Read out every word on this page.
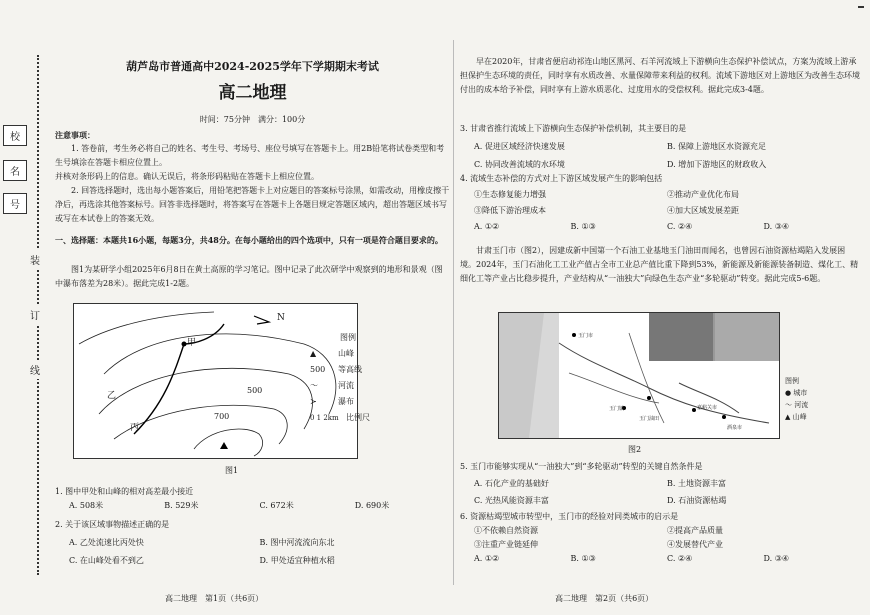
校
名
号
装
订
线
葫芦岛市普通高中2024-2025学年下学期期末考试
高二地理
时间：75分钟　满分：100分
注意事项：
1. 答卷前，考生务必将自己的姓名、考生号、考场号、座位号填写在答题卡上。用2B铅笔将试卷类型和考生号填涂在答题卡相应位置上。
并核对条形码上的信息。确认无误后，将条形码粘贴在答题卡上相应位置。
2. 回答选择题时，选出每小题答案后，用铅笔把答题卡上对应题目的答案标号涂黑，如需改动，用橡皮擦干净后，再选涂其他答案标号。回答非选择题时，将答案写在答题卡上各题目规定答题区域内，超出答题区域书写或写在本试卷上的答案无效。
一、选择题：本题共16小题，每题3分，共48分。在每小题给出的四个选项中，只有一项是符合题目要求的。
图1为某研学小组2025年6月8日在黄土高原的学习笔记。图中记录了此次研学中观察到的地形和景观（图中瀑布落差为28米）。据此完成1-2题。
N
甲
乙
丙
500
700
图例
▲	山峰
500 等高线
〜	河流
≻	瀑布
0 1 2km 比例尺
图1
1. 图中甲处和山峰的相对高差最小接近
A. 508米	B. 529米	C. 672米	D. 690米
2. 关于该区域事物描述正确的是
A. 乙处流速比丙处快	B. 图中河流流向东北
C. 在山峰处看不到乙	D. 甲处适宜种植水稻
高二地理　第1页（共6页）
早在2020年，甘肃省便启动祁连山地区黑河、石羊河流域上下游横向生态保护补偿试点，方案为流域上游承担保护生态环境的责任，同时享有水质改善、水量保障带来利益的权利。流域下游地区对上游地区为改善生态环境付出的成本给予补偿，同时享有上游水质恶化、过度用水的受偿权利。据此完成3-4题。
3. 甘肃省推行流域上下游横向生态保护补偿机制，其主要目的是
A. 促进区域经济快速发展	B. 保障上游地区水资源充足
C. 协同改善流域的水环境	D. 增加下游地区的财政收入
4. 流域生态补偿的方式对上下游区域发展产生的影响包括
①生态修复能力增强	②推动产业优化布局
③降低下游治理成本	④加大区域发展差距
A. ①②	B. ①③	C. ②④	D. ③④
甘肃玉门市（图2），因建成新中国第一个石油工业基地玉门油田而闻名，也曾因石油资源枯竭陷入发展困境。2024年，玉门石油化工工业产值占全市工业总产值比重下降到53%，新能源及新能源装备制造、煤化工、精细化工等产业占比稳步提升，产业结构从“一油独大”向绿色生态产业“多轮驱动”转变。据此完成5-6题。
玉门市
玉门镇
玉门油田
嘉峪关市
酒泉市
图例
● 城市
〜 河流
▲ 山峰
图2
5. 玉门市能够实现从“一油独大”到“多轮驱动”转型的关键自然条件是
A. 石化产业的基础好	B. 土地资源丰富
C. 光热风能资源丰富	D. 石油资源枯竭
6. 资源枯竭型城市转型中，玉门市的经验对同类城市的启示是
①不依赖自然资源	②提高产品质量
③注重产业链延伸	④发展替代产业
A. ①②	B. ①③	C. ②④	D. ③④
高二地理　第2页（共6页）
